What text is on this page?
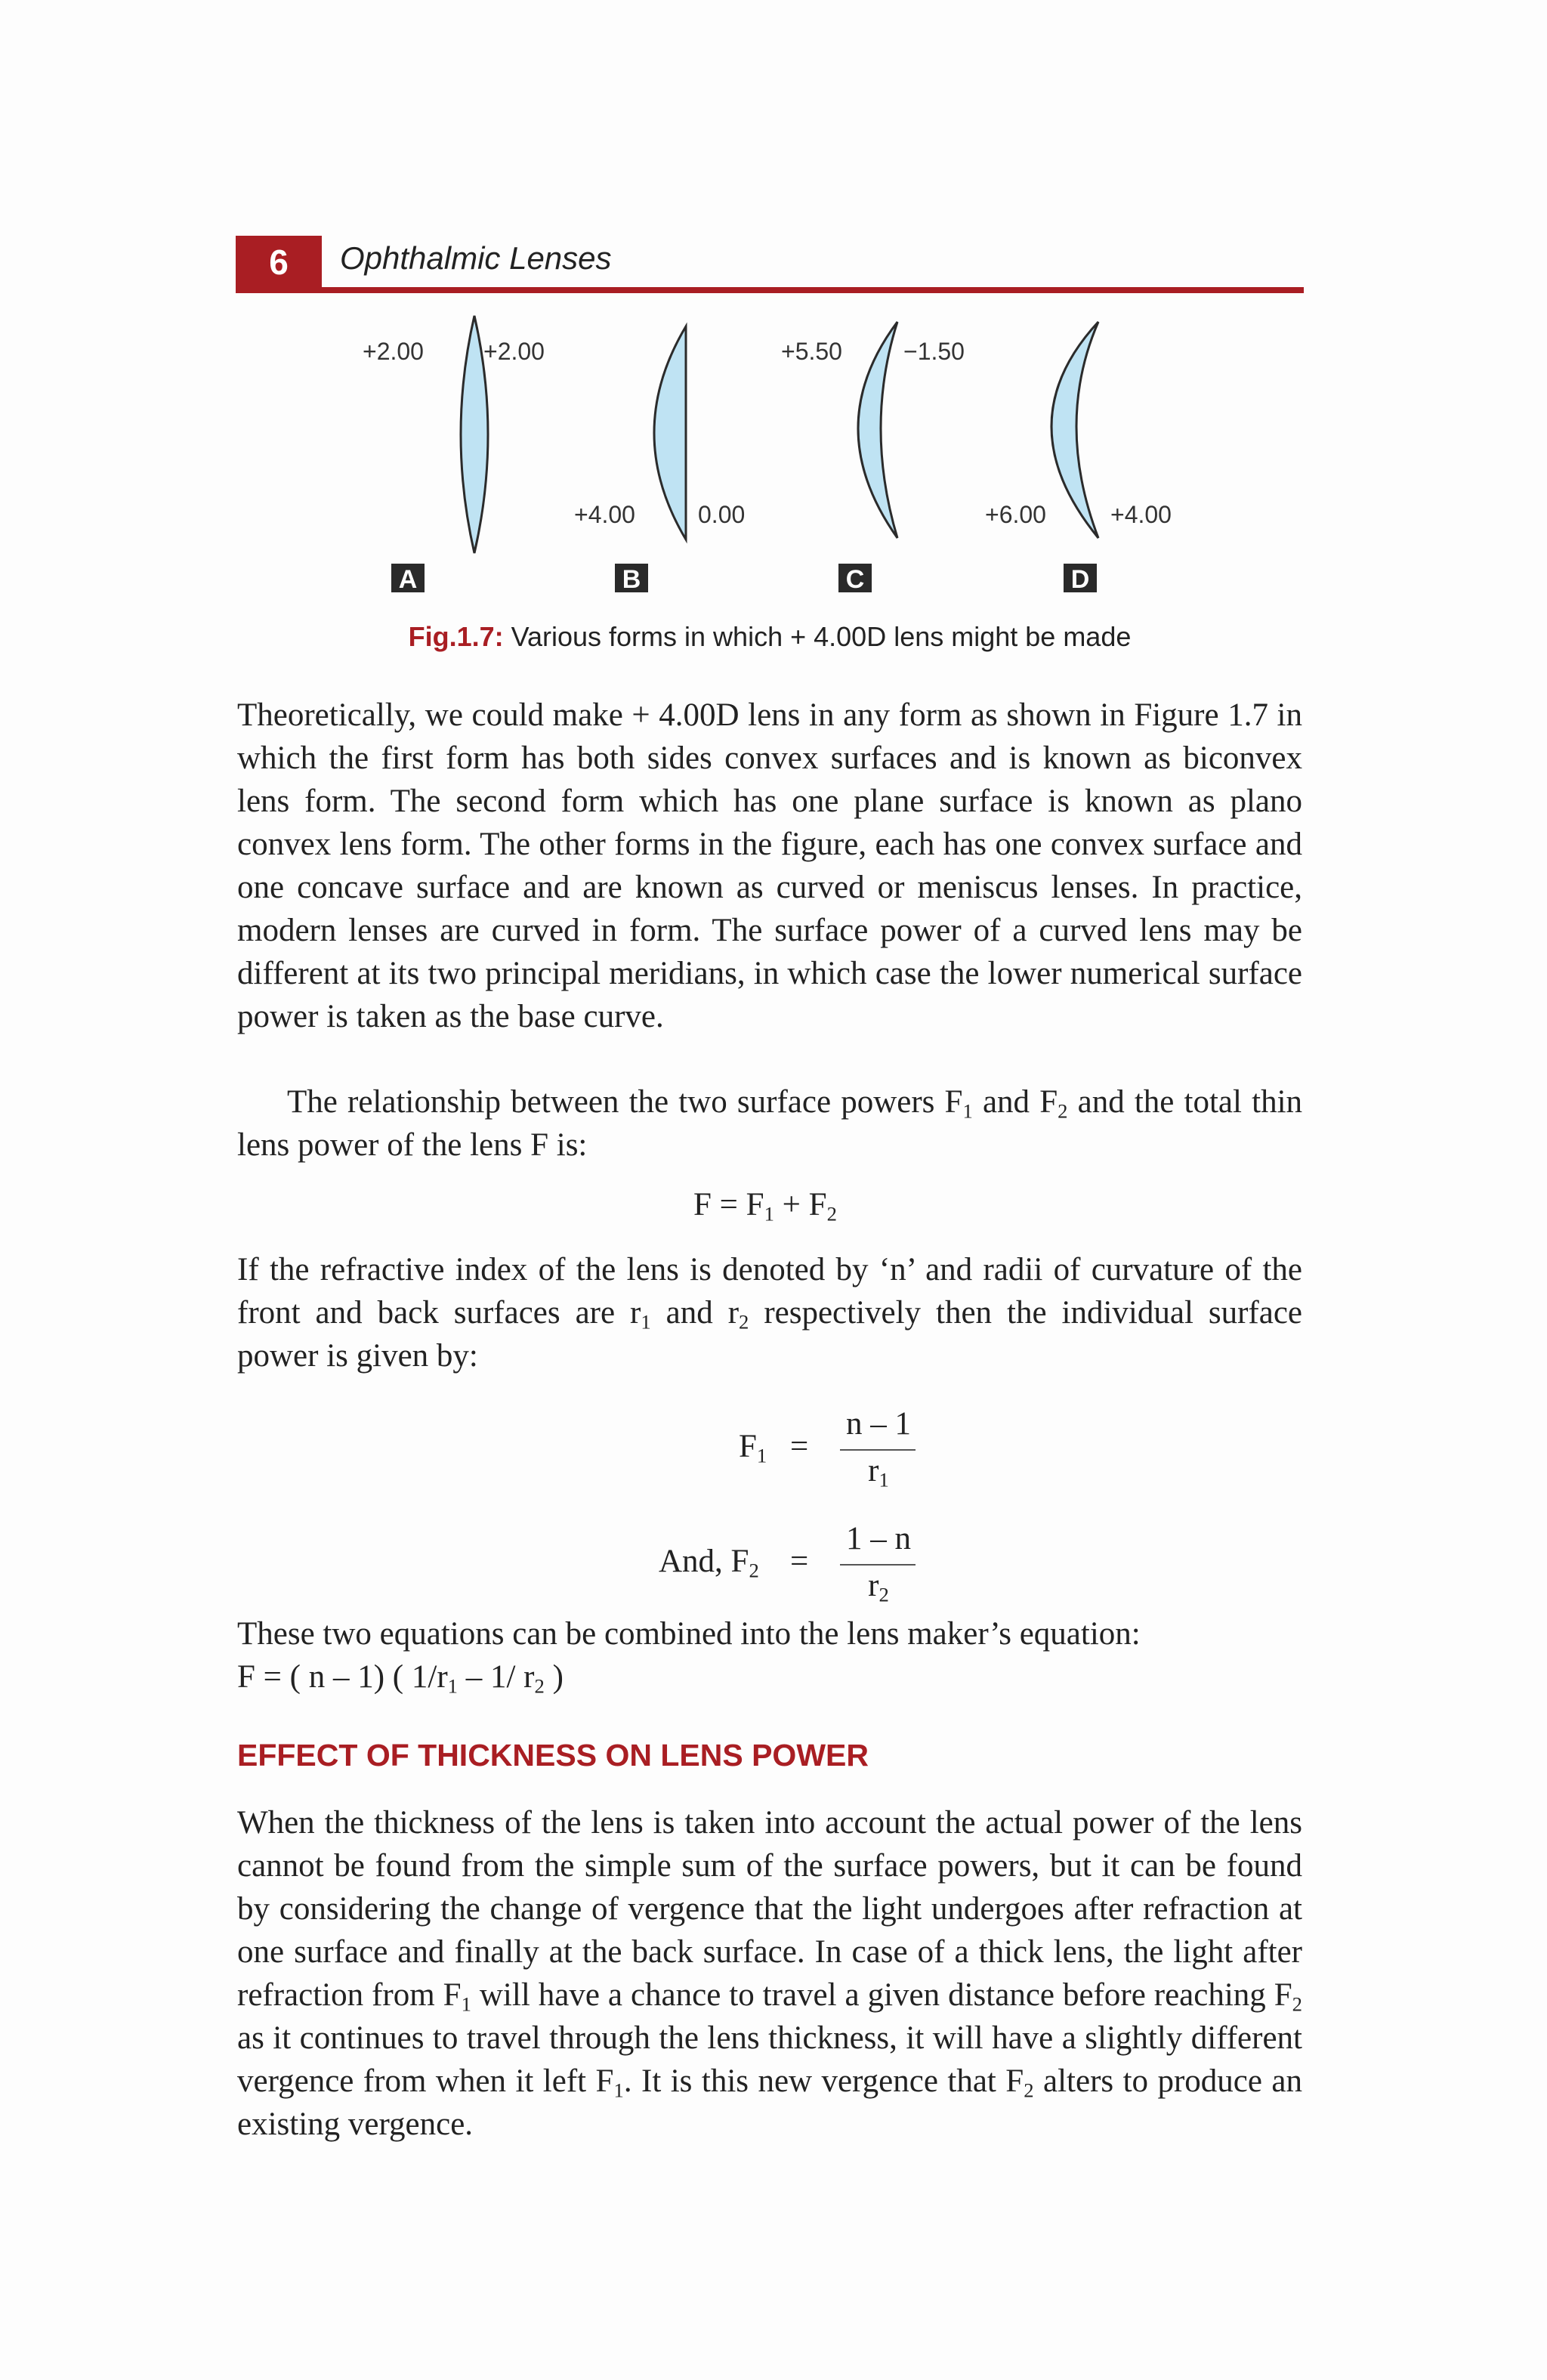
6	Ophthalmic Lenses
+2.00 +2.00
A
+4.00	0.00
B
+5.50	−1.50
C
+6.00	+4.00
D
Fig.1.7: Various forms in which + 4.00D lens might be made

Theoretically, we could make + 4.00D lens in any form as shown in Figure 1.7 in which the first form has both sides convex surfaces and is known as biconvex lens form. The second form which has one plane surface is known as plano convex lens form. The other forms in the figure, each has one convex surface and one concave surface and are known as curved or meniscus lenses. In practice, modern lenses are curved in form. The surface power of a curved lens may be different at its two principal meridians, in which case the lower numerical surface power is taken as the base curve.

The relationship between the two surface powers $F_1$ and $F_2$ and the total thin lens power of the lens F is:

$F = F_1 + F_2$

If the refractive index of the lens is denoted by ‘n’ and radii of curvature of the front and back surfaces are $r_1$ and $r_2$ respectively then the individual surface power is given by:

$F_1$ =
n – 1
$r_1$
And, $F_2$ =
1 – n
$r_2$

These two equations can be combined into the lens maker’s equation:
F = ( n – 1) ( $1/r_1 - 1/$ $r_2$ )

EFFECT OF THICKNESS ON LENS POWER

When the thickness of the lens is taken into account the actual power of the lens cannot be found from the simple sum of the surface powers, but it can be found by considering the change of vergence that the light undergoes after refraction at one surface and finally at the back surface. In case of a thick lens, the light after refraction from $F_1$ will have a chance to travel a given distance before reaching $F_2$ as it continues to travel through the lens thickness, it will have a slightly different vergence from when it left $F_1$. It is this new vergence that $F_2$ alters to produce an existing vergence.
